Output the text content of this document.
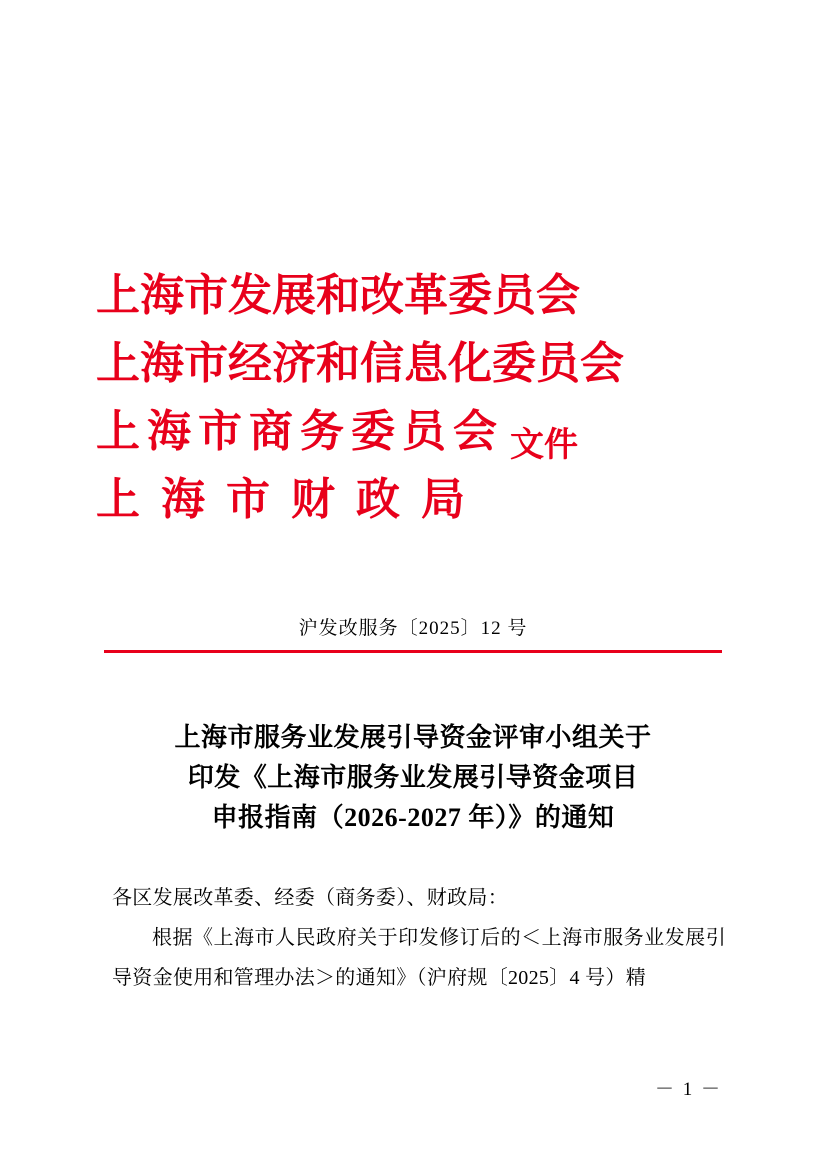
上海市发展和改革委员会
上海市经济和信息化委员会
上海市商务委员会 文件
上海市财政局
沪发改服务〔2025〕12 号
上海市服务业发展引导资金评审小组关于
印发《上海市服务业发展引导资金项目
申报指南（2026-2027 年）》的通知

各区发展改革委、经委（商务委）、财政局：

根据《上海市人民政府关于印发修订后的＜上海市服务业发展引导资金使用和管理办法＞的通知》（沪府规〔2025〕4 号）精

－ 1 －
